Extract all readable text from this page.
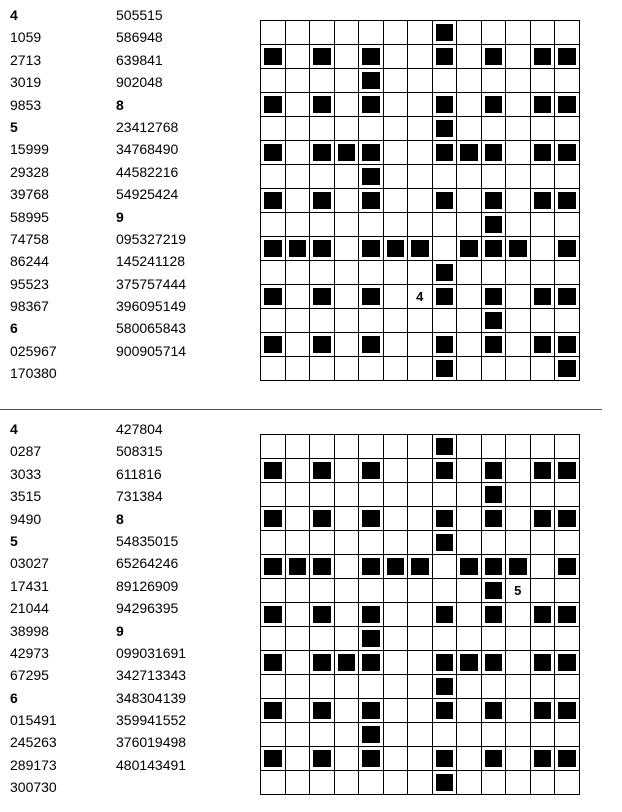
4
1059
2713
3019
9853
5
15999
29328
39768
58995
74758
86244
95523
98367
6
025967
170380
505515
586948
639841
902048
8
23412768
34768490
44582216
54925424
9
095327219
145241128
375757444
396095149
580065843
900905714
4
4
0287
3033
3515
9490
5
03027
17431
21044
38998
42973
67295
6
015491
245263
289173
300730
427804
508315
611816
731384
8
54835015
65264246
89126909
94296395
9
099031691
342713343
348304139
359941552
376019498
480143491
5
